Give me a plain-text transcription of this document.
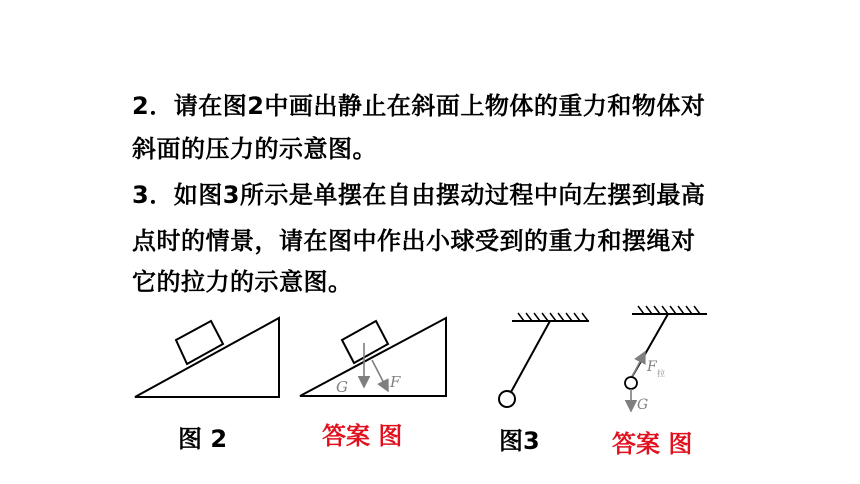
2．请在图2中画出静止在斜面上物体的重力和物体对
斜面的压力的示意图。
3．如图3所示是单摆在自由摆动过程中向左摆到最高
点时的情景，请在图中作出小球受到的重力和摆绳对
它的拉力的示意图。
G	F
F 拉
G
图 2	答案 图	图3	答案 图
